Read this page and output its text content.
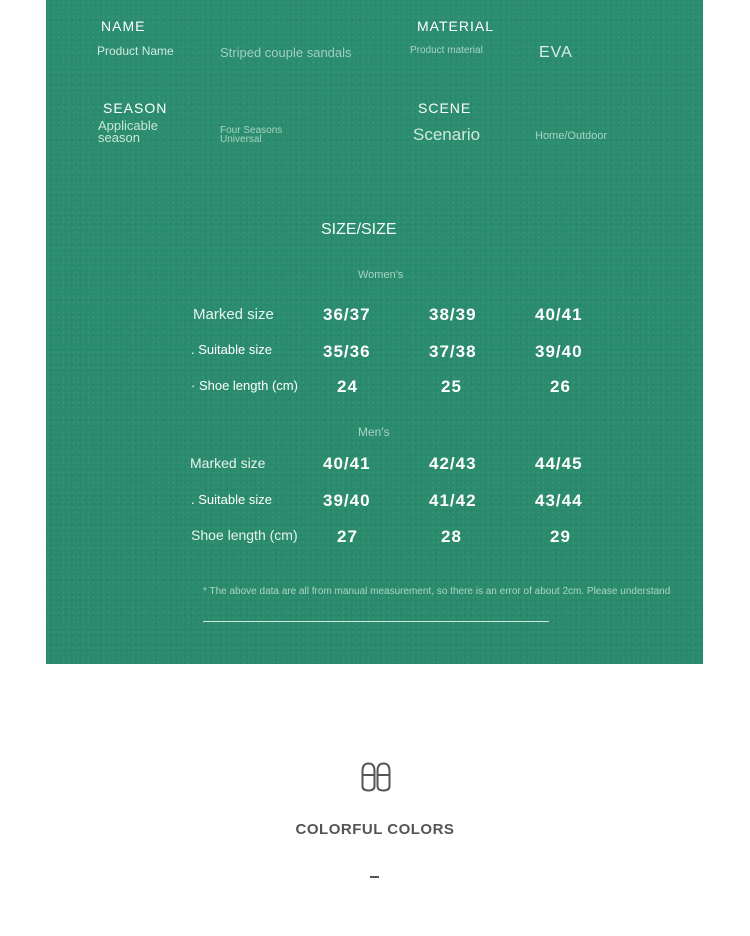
NAME
Product Name	Striped couple sandals
MATERIAL
Product material	EVA
SEASON
Applicable
season	Four Seasons
Universal
SCENE
Scenario	Home/Outdoor
SIZE/SIZE
Women's
Marked size	36/37	38/39	40/41
. Suitable size	35/36	37/38	39/40
· Shoe length (cm) 24	25	26
Men's
Marked size	40/41	42/43	44/45
. Suitable size	39/40	41/42	43/44
Shoe length (cm) 27	28	29
* The above data are all from manual measurement, so there is an error of about 2cm. Please understand
COLORFUL COLORS
